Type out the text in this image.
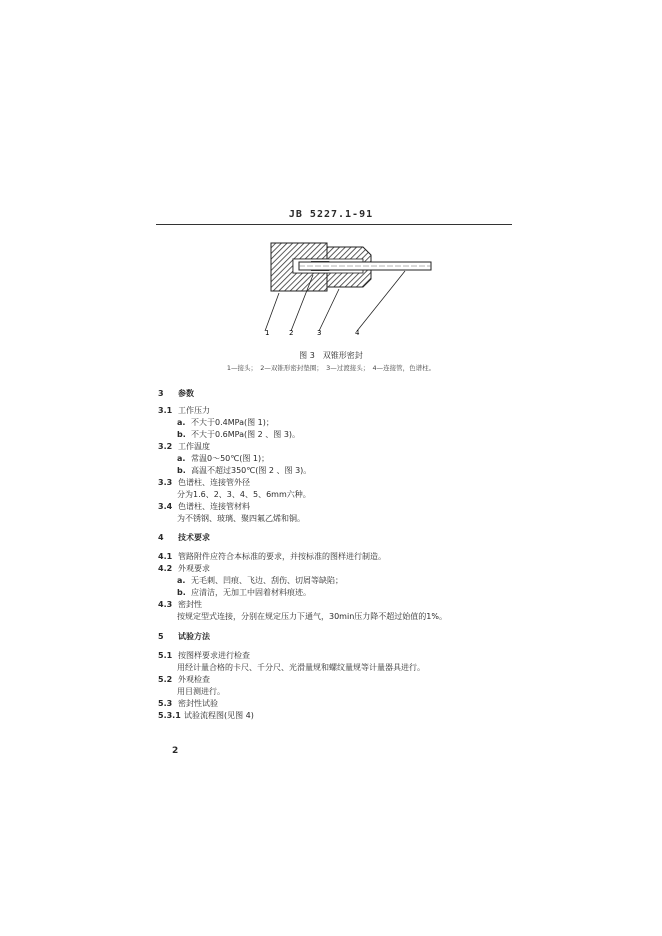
JB 5227.1-91
1	2	3	4
图 3　双锥形密封
1—接头；　2—双锥形密封垫圈；　3—过渡接头；　4—连接管，色谱柱。
3 参数
3.1 工作压力
a. 不大于0.4MPa(图 1)；
b. 不大于0.6MPa(图 2 、图 3)。
3.2 工作温度
a. 常温0～50℃(图 1)；
b. 高温不超过350℃(图 2 、图 3)。
3.3 色谱柱、连接管外径
分为1.6、2、3、4、5、6mm六种。
3.4 色谱柱、连接管材料
为不锈钢、玻璃、聚四氟乙烯和铜。
4 技术要求
4.1 管路附件应符合本标准的要求，并按标准的图样进行制造。
4.2 外观要求
a. 无毛刺、凹痕、飞边、刮伤、切屑等缺陷；
b. 应清洁，无加工中固着材料痕迹。
4.3 密封性
按规定型式连接，分别在规定压力下通气，30min压力降不超过始值的1%。
5 试验方法
5.1 按图样要求进行检查
用经计量合格的卡尺、千分尺、光滑量规和螺纹量规等计量器具进行。
5.2 外观检查
用目测进行。
5.3 密封性试验
5.3.1 试验流程图(见图 4)
2
